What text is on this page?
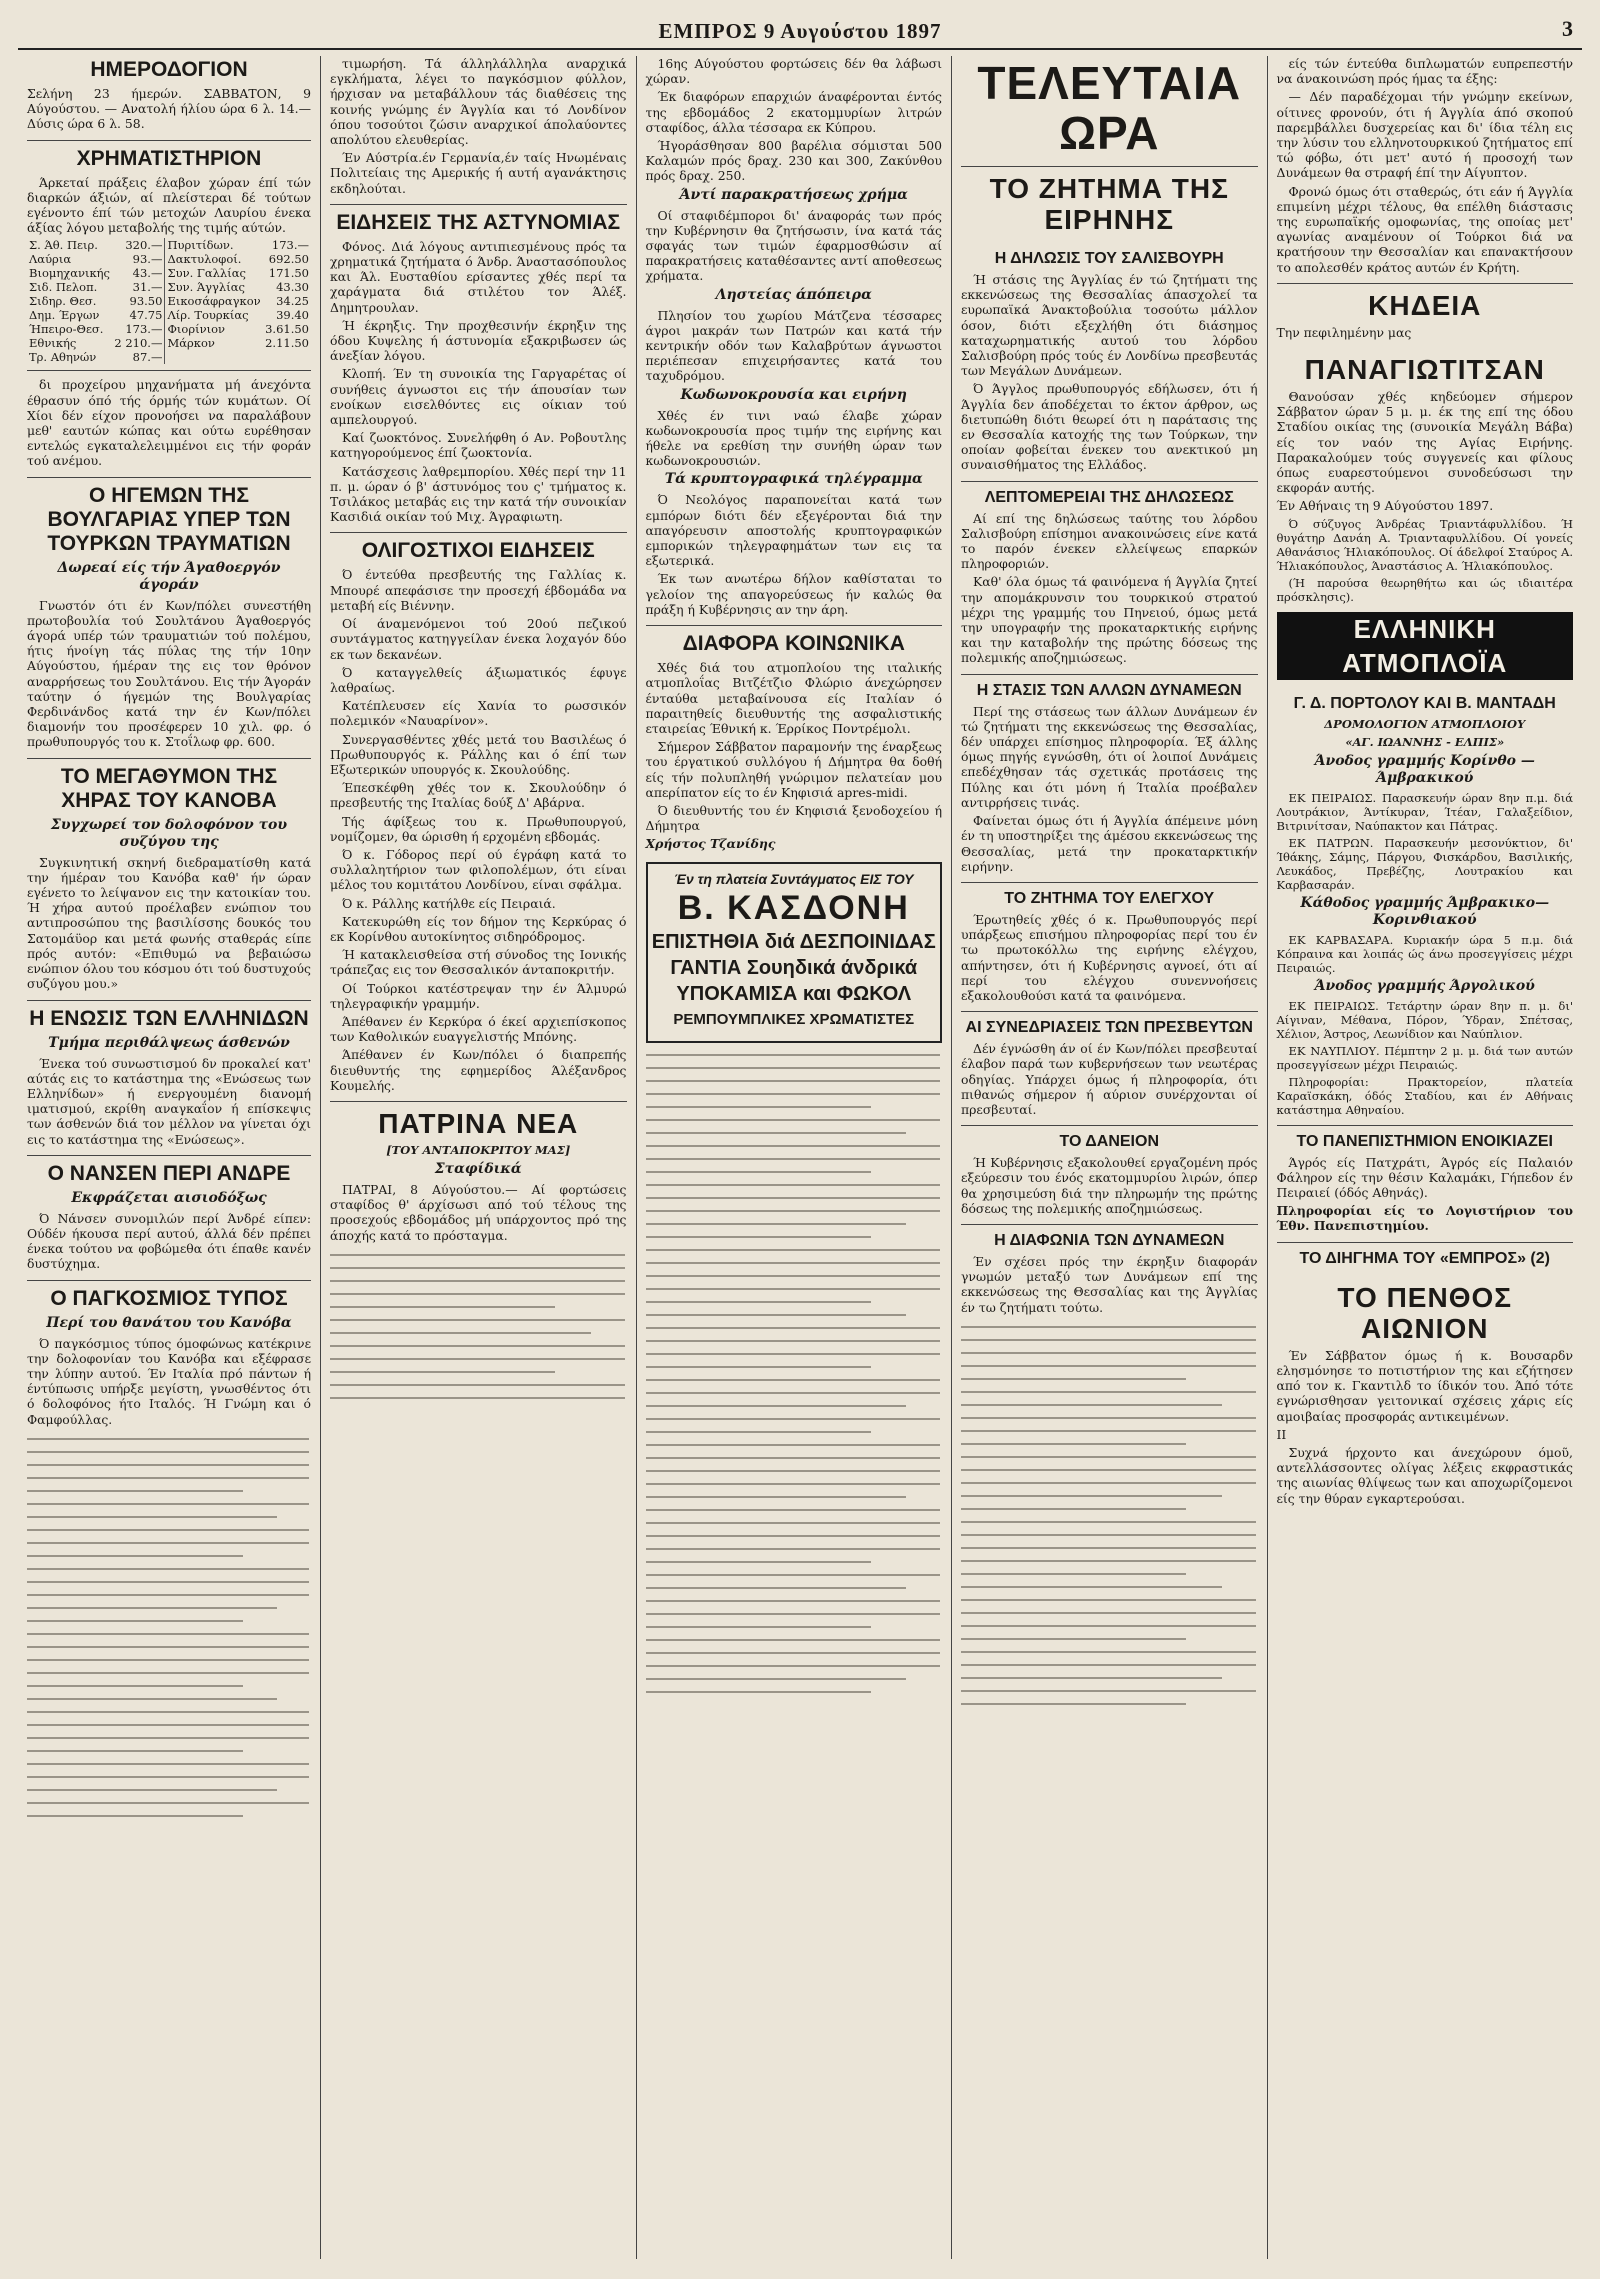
ΕΜΠΡΟΣ 9 Αυγούστου 1897	3
ΗΜΕΡΟΔΟΓΙΟΝ

Σελήνη 23 ήμερών. ΣΑΒΒΑΤΟΝ, 9 Αύγούστου. — Ανατολή ήλίου ώρα 6 λ. 14.— Δύσις ώρα 6 λ. 58.

ΧΡΗΜΑΤΙΣΤΗΡΙΟΝ

Άρκεταί πράξεις έλαβον χώραν έπί τών διαρκών άξιών, αί πλείστεραι δέ τούτων εγένοντο έπί τών μετοχών Λαυρίου ένεκα άξίας λόγου μεταβολής της τιμής αύτών.

Σ. Άθ. Πειρ.	320.—	Πυριτίδων.	173.—
Λαύρια	93.—	Δακτυλοφοί.	692.50
Βιομηχανικής	43.—	Συν. Γαλλίας	171.50
Σιδ. Πελοπ.	31.—	Συν. Άγγλίας	43.30
Σιδηρ. Θεσ.	93.50	Εικοσάφραγκον	34.25
Δημ. Έργων	47.75	Λίρ. Τουρκίας	39.40
Ήπειρο-Θεσ.	173.—	Φιορίνιον	3.61.50
Εθνικής	2 210.—	Μάρκον	2.11.50
Τρ. Αθηνών	87.—		

δι προχείρου μηχανήματα μή άνεχόντα έθρασυν όπό τής όρμής τών κυμάτων. Οί Χίοι δέν είχον προνοήσει να παραλάβουν μεθ' εαυτών κώπας και ούτω ευρέθησαν εντελώς εγκαταλελειμμένοι εις τήν φοράν τού ανέμου.

Ο ΗΓΕΜΩΝ ΤΗΣ ΒΟΥΛΓΑΡΙΑΣ ΥΠΕΡ ΤΩΝ ΤΟΥΡΚΩΝ ΤΡΑΥΜΑΤΙΩΝ
Δωρεαί είς τήν Άγαθοεργόν άγοράν

Γνωστόν ότι έν Κων/πόλει συνεστήθη πρωτοβουλία τού Σουλτάνου Άγαθοεργός άγορά υπέρ τών τραυματιών τού πολέμου, ήτις ήνοίγη τάς πύλας της τήν 10ην Αύγούστου, ήμέραν της εις τον θρόνον αναρρήσεως του Σουλτάνου. Εις τήν Άγοράν ταύτην ό ήγεμών της Βουλγαρίας Φερδινάνδος κατά την έν Κων/πόλει διαμονήν του προσέφερεν 10 χιλ. φρ. ό πρωθυπουργός του κ. Στοΐλωφ φρ. 600.

ΤΟ ΜΕΓΑΘΥΜΟΝ ΤΗΣ ΧΗΡΑΣ ΤΟΥ ΚΑΝΟΒΑ
Συγχωρεί τον δολοφόνον του συζύγου της

Συγκινητική σκηνή διεδραματίσθη κατά την ήμέραν του Κανόβα καθ' ήν ώραν εγένετο το λείψανον εις την κατοικίαν του. Ή χήρα αυτού προέλαβεν ενώπιον του αντιπροσώπου της βασιλίσσης δουκός του Σατομάϋορ και μετά φωνής σταθεράς είπε πρός αυτόν: «Επιθυμώ να βεβαιώσω ενώπιον όλου του κόσμου ότι τού δυστυχούς συζύγου μου.»

Η ΕΝΩΣΙΣ ΤΩΝ ΕΛΛΗΝΙΔΩΝ
Τμήμα περιθάλψεως άσθενών

Ένεκα τού συνωστισμού δν προκαλεί κατ' αύτάς εις το κατάστημα της «Ενώσεως των Ελληνίδων» ή ενεργουμένη διανομή ιματισμού, εκρίθη αναγκαΐον ή επίσκεψις των άσθενών διά τον μέλλον να γίνεται όχι εις το κατάστημα της «Ενώσεως».

Ο ΝΑΝΣΕΝ ΠΕΡΙ ΑΝΔΡΕ
Εκφράζεται αισιοδόξως

Ό Νάνσεν συνομιλών περί Άνδρέ είπεν: Ούδέν ήκουσα περί αυτού, άλλά δέν πρέπει ένεκα τούτου να φοβώμεθα ότι έπαθε κανέν δυστύχημα.

Ο ΠΑΓΚΟΣΜΙΟΣ ΤΥΠΟΣ
Περί του θανάτου του Κανόβα

Ό παγκόσμιος τύπος όμοφώνως κατέκρινε την δολοφονίαν του Κανόβα και εξέφρασε την λύπην αυτού. Έν Ιταλία πρό πάντων ή έντύπωσις υπήρξε μεγίστη, γνωσθέντος ότι ό δολοφόνος ήτο Ιταλός. Ή Γνώμη και ό Φαμφούλλας.

τιμωρήση. Τά άλληλάλληλα αναρχικά εγκλήματα, λέγει το παγκόσμιον φύλλον, ήρχισαν να μεταβάλλουν τάς διαθέσεις της κοινής γνώμης έν Άγγλία και τό Λονδίνον όπου τοσούτοι ζώσιν αναρχικοί άπολαύοντες απολύτου ελευθερίας.

Έν Αύστρία.έν Γερμανία,έν ταίς Ηνωμέναις Πολιτείαις της Αμερικής ή αυτή αγανάκτησις εκδηλούται.

ΕΙΔΗΣΕΙΣ ΤΗΣ ΑΣΤΥΝΟΜΙΑΣ

Φόνος. Διά λόγους αντιπιεσμένους πρός τα χρηματικά ζητήματα ό Άνδρ. Άναστασόπουλος και Άλ. Ευσταθίου ερίσαντες χθές περί τα χαράγματα διά στιλέτου τον Άλέξ. Δημητρουλαν.

Ή έκρηξις. Την προχθεσινήν έκρηξιν της όδου Κυψελης ή άστυνομία εξακριβωσεν ώς άνεξίαν λόγου.

Κλοπή. Έν τη συνοικία της Γαργαρέτας οί συνήθεις άγνωστοι εις τήν άπουσίαν των ενοίκων εισελθόντες εις οίκιαν τού αμπελουργού.

Καί ζωοκτόνος. Συνελήφθη ό Αν. Ροβουτλης κατηγορούμενος έπί ζωοκτονία.

Κατάσχεσις λαθρεμπορίου. Χθές περί την 11 π. μ. ώραν ό β' άστυνόμος του ς' τμήματος κ. Τσιλάκος μεταβάς εις την κατά τήν συνοικίαν Κασιδιά οικίαν τού Μιχ. Άγραφιωτη.

ΟΛΙΓΟΣΤΙΧΟΙ ΕΙΔΗΣΕΙΣ

Ό έντεύθα πρεσβευτής της Γαλλίας κ. Μπουρέ απεφάσισε την προσεχή έβδομάδα να μεταβή είς Βιέννην.

Οί άναμενόμενοι τού 20ού πεζικού συντάγματος κατηγγείλαν ένεκα λοχαγόν δύο εκ των δεκανέων.

Ό καταγγελθείς άξιωματικός έφυγε λαθραίως.

Κατέπλευσεν είς Χανία το ρωσσικόν πολεμικόν «Ναυαρίνον».

Συνεργασθέντες χθές μετά του Βασιλέως ό Πρωθυπουργός κ. Ράλλης και ό έπί των Εξωτερικών υπουργός κ. Σκουλούδης.

Έπεσκέφθη χθές τον κ. Σκουλούδην ό πρεσβευτής της Ιταλίας δούξ Δ' Αβάρνα.

Τής άφίξεως του κ. Πρωθυπουργού, νομίζομεν, θα ώρισθη ή ερχομένη εβδομάς.

Ό κ. Γόδορος περί ού έγράφη κατά το συλλαλητήριον των φιλοπολέμων, ότι είναι μέλος του κομιτάτου Λονδίνου, είναι σφάλμα.

Ό κ. Ράλλης κατήλθε είς Πειραιά.

Κατεκυρώθη είς τον δήμον της Κερκύρας ό εκ Κορίνθου αυτοκίνητος σιδηρόδρομος.

Ή κατακλεισθείσα στή σύνοδος της Ιονικής τράπεζας εις τον Θεσσαλικόν άνταποκριτήν.

Οί Τούρκοι κατέστρεψαν την έν Άλμυρώ τηλεγραφικήν γραμμήν.

Άπέθανεν έν Κερκύρα ό έκεί αρχιεπίσκοπος των Καθολικών ευαγγελιστής Μπόνης.

Άπέθανεν έν Κων/πόλει ό διαπρεπής διευθυντής της εφημερίδος Άλέξανδρος Κουμελής.

ΠΑΤΡΙΝΑ ΝΕΑ
[ΤΟΥ ΑΝΤΑΠΟΚΡΙΤΟΥ ΜΑΣ]
Σταφίδικά

ΠΑΤΡΑΙ, 8 Αύγούστου.— Αί φορτώσεις σταφίδος θ' άρχίσωσι από τού τέλους της προσεχούς εβδομάδος μή υπάρχοντος πρό της άποχής κατά το πρόσταγμα.

16ης Αύγούστου φορτώσεις δέν θα λάβωσι χώραν.

Έκ διαφόρων επαρχιών άναφέρονται έντός της εβδομάδος 2 εκατομμυρίων λιτρών σταφίδος, άλλα τέσσαρα εκ Κύπρου.

Ήγοράσθησαν 800 βαρέλια σόμισται 500 Καλαμών πρός δραχ. 230 και 300, Ζακύνθου πρός δραχ. 250.

Άντί παρακρατήσεως χρήμα

Οί σταφιδέμποροι δι' άναφοράς των πρός την Κυβέρνησιν θα ζητήσωσιν, ίνα κατά τάς σφαγάς των τιμών έφαρμοσθώσιν αί παρακρατήσεις καταθέσαντες αντί αποθεσεως χρήματα.

Ληστείας άπόπειρα

Πλησίον του χωρίου Μάτζενα τέσσαρες άγροι μακράν των Πατρών και κατά τήν κεντρικήν οδόν των Καλαβρύτων άγνωστοι περιέπεσαν επιχειρήσαντες κατά του ταχυδρόμου.

Κωδωνοκρουσία και ειρήνη

Χθές έν τινι ναώ έλαβε χώραν κωδωνοκρουσία προς τιμήν της ειρήνης και ήθελε να ερεθίση την συνήθη ώραν των κωδωνοκρουσιών.

Τά κρυπτογραφικά τηλέγραμμα

Ό Νεολόγος παραπονείται κατά των εμπόρων διότι δέν εξεγέρονται διά την απαγόρευσιν αποστολής κρυπτογραφικών εμπορικών τηλεγραφημάτων των εις τα εξωτερικά.

Έκ των ανωτέρω δήλον καθίσταται το γελοίον της απαγορεύσεως ήν καλώς θα πράξη ή Κυβέρνησις αν την άρη.

ΔΙΑΦΟΡΑ ΚΟΙΝΩΝΙΚΑ

Χθές διά του ατμοπλοίου της ιταλικής ατμοπλοΐας Βιτζέτζιο Φλώριο άνεχώρησεν ένταύθα μεταβαίνουσα είς Ιταλίαν ό παραιτηθείς διευθυντής της ασφαλιστικής εταιρείας Έθνική κ. Έρρίκος Ποντρέμολι.

Σήμερον Σάββατον παραμονήν της έναρξεως του έργατικού συλλόγου ή Δήμητρα θα δοθή είς τήν πολυπληθή γνώριμον πελατείαν μου απερίπατον είς το έν Κηφισιά apres-midi.

Ό διευθυντής του έν Κηφισιά ξενοδοχείου ή Δήμητρα

Χρήστος Τζανίδης

Έν τη πλατεία Συντάγματος ΕΙΣ ΤΟΥ
Β. ΚΑΣΔΟΝΗ
ΕΠΙΣΤΗΘΙΑ διά ΔΕΣΠΟΙΝΙΔΑΣ
ΓΑΝΤΙΑ Σουηδικά άνδρικά
ΥΠΟΚΑΜΙΣΑ και ΦΩΚΟΛ
ΡΕΜΠΟΥΜΠΛΙΚΕΣ ΧΡΩΜΑΤΙΣΤΕΣ
ΤΕΛΕΥΤΑΙΑ ΩΡΑ
ΤΟ ΖΗΤΗΜΑ ΤΗΣ ΕΙΡΗΝΗΣ
Η ΔΗΛΩΣΙΣ ΤΟΥ ΣΑΛΙΣΒΟΥΡΗ

Ή στάσις της Άγγλίας έν τώ ζητήματι της εκκενώσεως της Θεσσαλίας άπασχολεί τα ευρωπαϊκά Άνακτοβούλια τοσούτω μάλλον όσον, διότι εξεχλήθη ότι διάσημος καταχωρηματικής αυτού του λόρδου Σαλισβούρη πρός τούς έν Λονδίνω πρεσβευτάς των Μεγάλων Δυνάμεων.

Ό Άγγλος πρωθυπουργός εδήλωσεν, ότι ή Άγγλία δεν άποδέχεται το έκτον άρθρον, ως διετυπώθη διότι θεωρεί ότι η παράτασις της εν Θεσσαλία κατοχής της των Τούρκων, την οποίαν φοβείται ένεκεν του ανεκτικού μη συναισθήματος της Ελλάδος.

ΛΕΠΤΟΜΕΡΕΙΑΙ ΤΗΣ ΔΗΛΩΣΕΩΣ

Αί επί της δηλώσεως ταύτης του λόρδου Σαλισβούρη επίσημοι ανακοινώσεις είνε κατά το παρόν ένεκεν ελλείψεως επαρκών πληροφοριών.

Καθ' όλα όμως τά φαινόμενα ή Άγγλία ζητεί την απομάκρυνσιν του τουρκικού στρατού μέχρι της γραμμής του Πηνειού, όμως μετά την υπογραφήν της προκαταρκτικής ειρήνης και την καταβολήν της πρώτης δόσεως της πολεμικής αποζημιώσεως.

Η ΣΤΑΣΙΣ ΤΩΝ ΑΛΛΩΝ ΔΥΝΑΜΕΩΝ

Περί της στάσεως των άλλων Δυνάμεων έν τώ ζητήματι της εκκενώσεως της Θεσσαλίας, δέν υπάρχει επίσημος πληροφορία. Έξ άλλης όμως πηγής εγνώσθη, ότι οί λοιποί Δυνάμεις επεδέχθησαν τάς σχετικάς προτάσεις της Πύλης και ότι μόνη ή Ίταλία προέβαλεν αντιρρήσεις τινάς.

Φαίνεται όμως ότι ή Άγγλία άπέμεινε μόνη έν τη υποστηρίξει της άμέσου εκκενώσεως της Θεσσαλίας, μετά την προκαταρκτικήν ειρήνην.

ΤΟ ΖΗΤΗΜΑ ΤΟΥ ΕΛΕΓΧΟΥ

Έρωτηθείς χθές ό κ. Πρωθυπουργός περί υπάρξεως επισήμου πληροφορίας περί του έν τω πρωτοκόλλω της ειρήνης ελέγχου, απήντησεν, ότι ή Κυβέρνησις αγνοεί, ότι αί περί του ελέγχου συνεννοήσεις εξακολουθούσι κατά τα φαινόμενα.

ΑΙ ΣΥΝΕΔΡΙΑΣΕΙΣ ΤΩΝ ΠΡΕΣΒΕΥΤΩΝ

Δέν έγνώσθη άν οί έν Κων/πόλει πρεσβευταί έλαβον παρά των κυβερνήσεων των νεωτέρας οδηγίας. Υπάρχει όμως ή πληροφορία, ότι πιθανώς σήμερον ή αύριον συνέρχονται οί πρεσβευταί.

ΤΟ ΔΑΝΕΙΟΝ

Ή Κυβέρνησις εξακολουθεί εργαζομένη πρός εξεύρεσιν του ένός εκατομμυρίου λιρών, όπερ θα χρησιμεύση διά την πληρωμήν της πρώτης δόσεως της πολεμικής αποζημιώσεως.

Η ΔΙΑΦΩΝΙΑ ΤΩΝ ΔΥΝΑΜΕΩΝ

Έν σχέσει πρός την έκρηξιν διαφοράν γνωμών μεταξύ των Δυνάμεων επί της εκκενώσεως της Θεσσαλίας και της Άγγλίας έν τω ζητήματι τούτω.

είς τών έντεύθα διπλωματών ευπρεπεστήν να άνακοινώση πρός ήμας τα έξης:

— Δέν παραδέχομαι τήν γνώμην εκείνων, οίτινες φρονούν, ότι ή Άγγλία άπό σκοπού παρεμβάλλει δυσχερείας και δι' ίδια τέλη εις την λύσιν του ελληνοτουρκικού ζητήματος επί τώ φόβω, ότι μετ' αυτό ή προσοχή των Δυνάμεων θα στραφή έπί την Αίγυπτον.

Φρονώ όμως ότι σταθερώς, ότι εάν ή Άγγλία επιμείνη μέχρι τέλους, θα επέλθη διάστασις της ευρωπαϊκής ομοφωνίας, της οποίας μετ' αγωνίας αναμένουν οί Τούρκοι διά να κρατήσουν την Θεσσαλίαν και επανακτήσουν το απολεσθέν κράτος αυτών έν Κρήτη.

ΚΗΔΕΙΑ

Την πεφιλημένην μας

ΠΑΝΑΓΙΩΤΙΤΣΑΝ

Θανούσαν χθές κηδεύομεν σήμερον Σάββατον ώραν 5 μ. μ. έκ της επί της όδου Σταδίου οικίας της (συνοικία Μεγάλη Βάβα) είς τον ναόν της Αγίας Ειρήνης. Παρακαλούμεν τούς συγγενείς και φίλους όπως ευαρεστούμενοι συνοδεύσωσι την εκφοράν αυτής.

Έν Αθήναις τη 9 Αύγούστου 1897.

Ό σύζυγος Άνδρέας Τριαντάφυλλίδου. Ή θυγάτηρ Δανάη Α. Τριανταφυλλίδου. Οί γονείς Αθανάσιος Ήλιακόπουλος. Οί άδελφοί Σταύρος Α. Ήλιακόπουλος, Άναστάσιος Α. Ήλιακόπουλος.

(Ή παρούσα θεωρηθήτω και ώς ιδιαιτέρα πρόσκλησις).

ΕΛΛΗΝΙΚΗ ΑΤΜΟΠΛΟΪΑ
Γ. Δ. ΠΟΡΤΟΛΟΥ ΚΑΙ Β. ΜΑΝΤΑΔΗ
ΔΡΟΜΟΛΟΓΙΟΝ ΑΤΜΟΠΛΟΙΟΥ
«ΑΓ. ΙΩΑΝΝΗΣ - ΕΛΠΙΣ»
Άνοδος γραμμής Κορίνθο — Άμβρακικού

ΕΚ ΠΕΙΡΑΙΩΣ. Παρασκευήν ώραν 8ην π.μ. διά Λουτράκιον, Άντίκυραν, Ίτέαν, Γαλαξείδιον, Βιτρινίτσαν, Ναύπακτον και Πάτρας.

ΕΚ ΠΑΤΡΩΝ. Παρασκευήν μεσονύκτιον, δι' Ίθάκης, Σάμης, Πάργου, Φισκάρδου, Βασιλικής, Λευκάδος, Πρεβέζης, Λουτρακίου και Καρβασαράν.

Κάθοδος γραμμής Άμβρακικο—Κορινθιακού

ΕΚ ΚΑΡΒΑΣΑΡΑ. Κυριακήν ώρα 5 π.μ. διά Κόπραινα και λοιπάς ώς άνω προσεγγίσεις μέχρι Πειραιώς.

Άνοδος γραμμής Άργολικού

ΕΚ ΠΕΙΡΑΙΩΣ. Τετάρτην ώραν 8ην π. μ. δι' Αίγιναν, Μέθανα, Πόρον, Ύδραν, Σπέτσας, Χέλιον, Άστρος, Λεωνίδιον και Ναύπλιον.

ΕΚ ΝΑΥΠΛΙΟΥ. Πέμπτην 2 μ. μ. διά των αυτών προσεγγίσεων μέχρι Πειραιώς.

Πληροφορίαι: Πρακτορείον, πλατεία Καραϊσκάκη, όδός Σταδίου, και έν Αθήναις κατάστημα Αθηναίου.

ΤΟ ΠΑΝΕΠΙΣΤΗΜΙΟΝ ΕΝΟΙΚΙΑΖΕΙ

Άγρός είς Πατχράτι, Άγρός είς Παλαιόν Φάληρον είς την θέσιν Καλαμάκι, Γήπεδον έν Πειραιεί (όδός Αθηνάς).

Πληροφορίαι είς το Λογιστήριον του Έθν. Πανεπιστημίου.

ΤΟ ΔΙΗΓΗΜΑ ΤΟΥ «ΕΜΠΡΟΣ» (2)
ΤΟ ΠΕΝΘΟΣ ΑΙΩΝΙΟΝ

Έν Σάββατον όμως ή κ. Βουσαρδν ελησμόνησε το ποτιστήριον της και εζήτησεν από τον κ. Γκαντιλδ το ίδικόν του. Άπό τότε εγνώρισθησαν γειτονικαί σχέσεις χάρις είς αμοιβαίας προσφοράς αντικειμένων.

II

Συχνά ήρχοντο και άνεχώρουν όμοῦ, αντελλάσσοντες ολίγας λέξεις εκφραστικάς της αιωνίας θλίψεως των και αποχωρίζομενοι είς την θύραν εγκαρτερούσαι.
